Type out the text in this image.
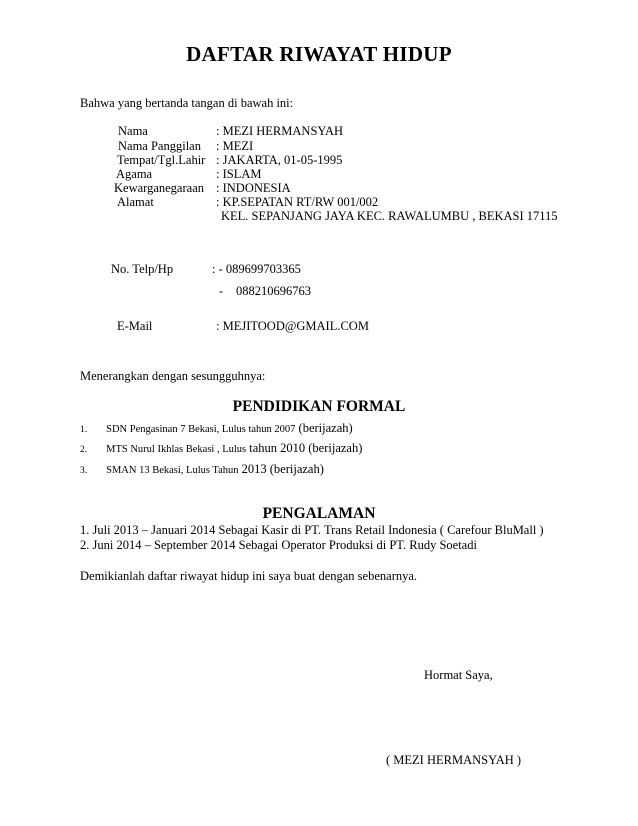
DAFTAR RIWAYAT HIDUP
Bahwa yang bertanda tangan di bawah ini:
Nama	: MEZI HERMANSYAH
Nama Panggilan : MEZI
Tempat/Tgl.Lahir : JAKARTA, 01-05-1995
Agama	: ISLAM
Kewarganegaraan : INDONESIA
Alamat	: KP.SEPATAN RT/RW 001/002
KEL. SEPANJANG JAYA KEC. RAWALUMBU , BEKASI 17115
No. Telp/Hp	: - 089699703365
- 088210696763
E-Mail	: MEJITOOD@GMAIL.COM
Menerangkan dengan sesungguhnya:
PENDIDIKAN FORMAL
1. SDN Pengasinan 7 Bekasi, Lulus tahun 2007 (berijazah)
2. MTS Nurul Ikhlas Bekasi , Lulus tahun 2010 (berijazah)
3. SMAN 13 Bekasi, Lulus Tahun 2013 (berijazah)
PENGALAMAN
1. Juli 2013 – Januari 2014 Sebagai Kasir di PT. Trans Retail Indonesia ( Carefour BluMall )
2. Juni 2014 – September 2014 Sebagai Operator Produksi di PT. Rudy Soetadi
Demikianlah daftar riwayat hidup ini saya buat dengan sebenarnya.
Hormat Saya,
( MEZI HERMANSYAH )
